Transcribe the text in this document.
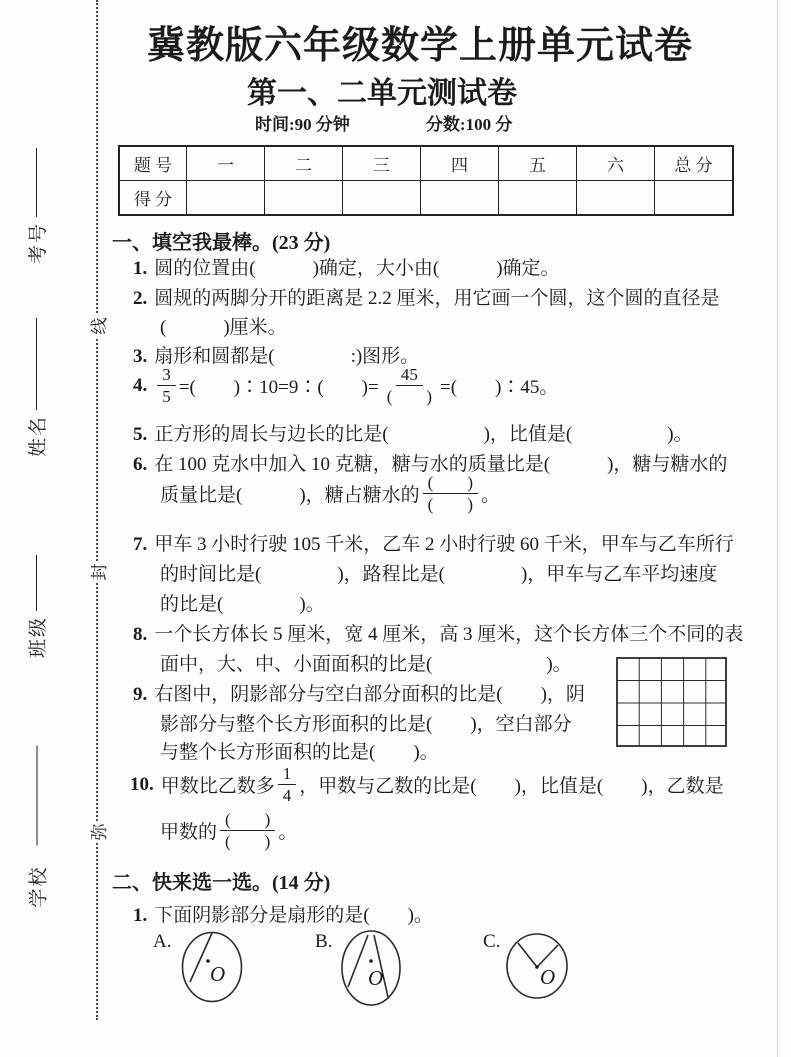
线
封
弥
考号
姓名
班级
学校
冀教版六年级数学上册单元试卷
第一、二单元测试卷
时间:90 分钟	分数:100 分
题 号	一	二	三	四	五	六	总 分
得 分							
一、填空我最棒。(23 分)
1. 圆的位置由(　　　)确定，大小由(　　　)确定。
2. 圆规的两脚分开的距离是 2.2 厘米，用它画一个圆，这个圆的直径是
(　　　)厘米。
3. 扇形和圆都是(　　　　:)图形。
4. $\frac{3}{5}$ =(　　)∶10=9∶(　　)= $\frac{45}{( )}$ =(　　)∶45。
5. 正方形的周长与边长的比是(　　　　　)，比值是(　　　　　)。
6. 在 100 克水中加入 10 克糖，糖与水的质量比是(　　　)，糖与糖水的
质量比是(　　　)，糖占糖水的 $\frac{( )}{( )}$ 。
7. 甲车 3 小时行驶 105 千米，乙车 2 小时行驶 60 千米，甲车与乙车所行
的时间比是(　　　　)，路程比是(　　　　)，甲车与乙车平均速度
的比是(　　　　)。
8. 一个长方体长 5 厘米，宽 4 厘米，高 3 厘米，这个长方体三个不同的表
面中，大、中、小面面积的比是(　　　　　　)。
9. 右图中，阴影部分与空白部分面积的比是(　　)，阴
影部分与整个长方形面积的比是(　　)，空白部分
与整个长方形面积的比是(　　)。
10. 甲数比乙数多 $\frac{1}{4}$ ，甲数与乙数的比是(　　)，比值是(　　)，乙数是
甲数的 $\frac{( )}{( )}$ 。
二、快来选一选。(14 分)
1. 下面阴影部分是扇形的是(　　)。
A.
O
B.
O
C.
O
